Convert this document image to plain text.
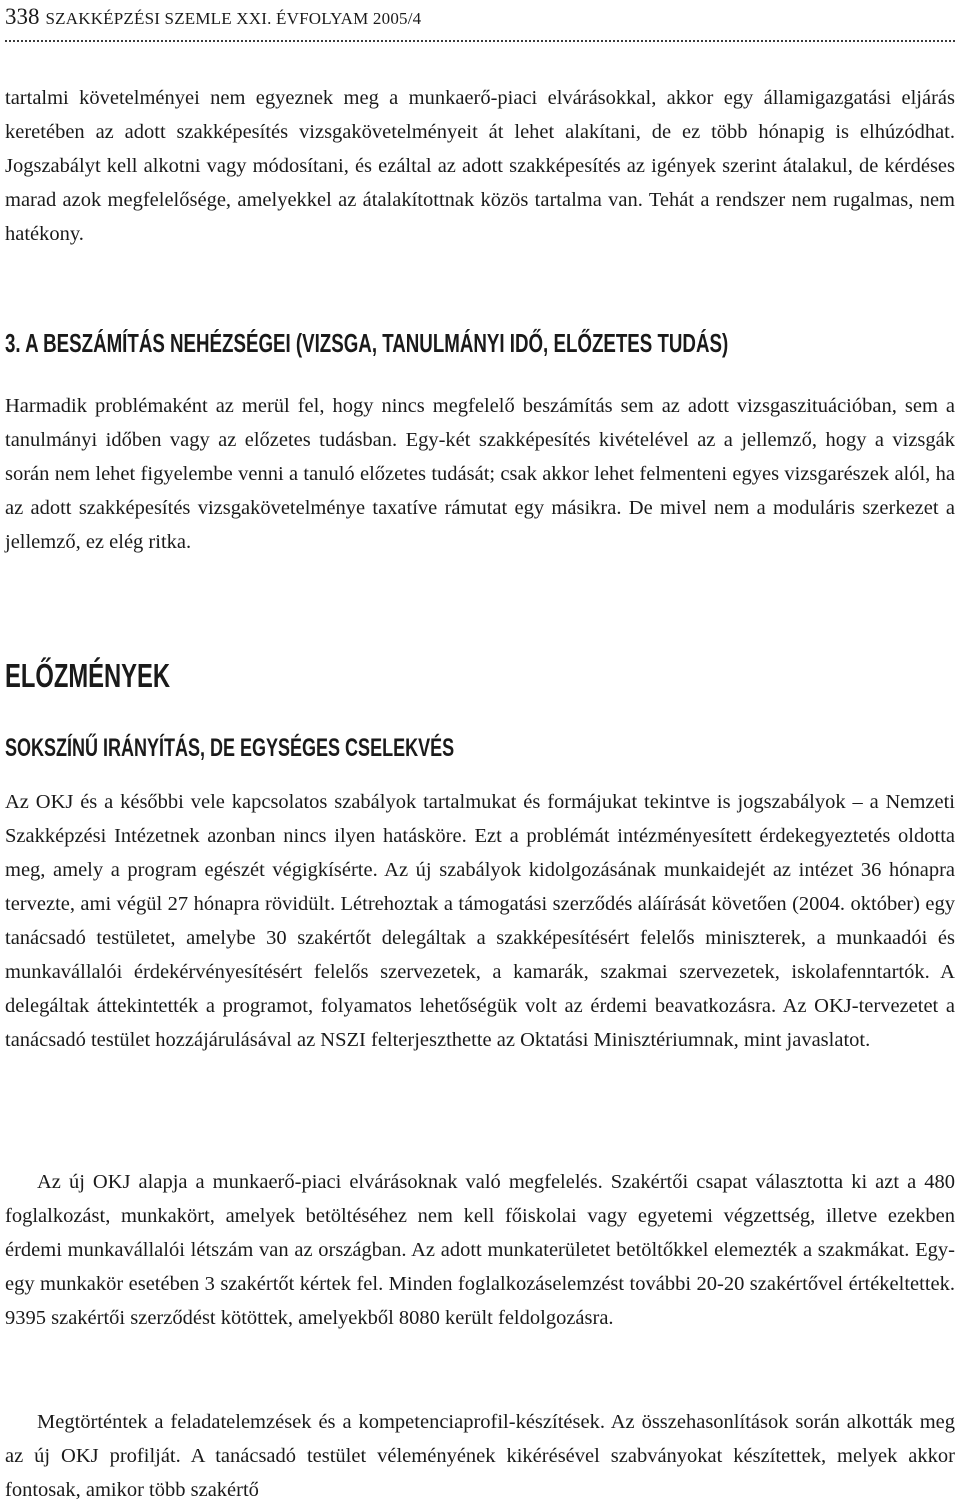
338 SZAKKÉPZÉSI SZEMLE XXI. ÉVFOLYAM 2005/4

tartalmi követelményei nem egyeznek meg a munkaerő-piaci elvárásokkal, akkor egy államigazgatási eljárás keretében az adott szakképesítés vizsgakövetelményeit át lehet alakítani, de ez több hónapig is elhúzódhat. Jogszabályt kell alkotni vagy módosítani, és ezáltal az adott szakképesítés az igények szerint átalakul, de kérdéses marad azok megfelelősége, amelyekkel az átalakítottnak közös tartalma van. Tehát a rendszer nem rugalmas, nem hatékony.

3. A BESZÁMÍTÁS NEHÉZSÉGEI (VIZSGA, TANULMÁNYI IDŐ, ELŐZETES TUDÁS)

Harmadik problémaként az merül fel, hogy nincs megfelelő beszámítás sem az adott vizsgaszituációban, sem a tanulmányi időben vagy az előzetes tudásban. Egy-két szakképesítés kivételével az a jellemző, hogy a vizsgák során nem lehet figyelembe venni a tanuló előzetes tudását; csak akkor lehet felmenteni egyes vizsgarészek alól, ha az adott szakképesítés vizsgakövetelménye taxatíve rámutat egy másikra. De mivel nem a moduláris szerkezet a jellemző, ez elég ritka.

ELŐZMÉNYEK
SOKSZÍNŰ IRÁNYÍTÁS, DE EGYSÉGES CSELEKVÉS

Az OKJ és a későbbi vele kapcsolatos szabályok tartalmukat és formájukat tekintve is jogszabályok – a Nemzeti Szakképzési Intézetnek azonban nincs ilyen hatásköre. Ezt a problémát intézményesített érdekegyeztetés oldotta meg, amely a program egészét végigkísérte. Az új szabályok kidolgozásának munkaidejét az intézet 36 hónapra tervezte, ami végül 27 hónapra rövidült. Létrehoztak a támogatási szerződés aláírását követően (2004. október) egy tanácsadó testületet, amelybe 30 szakértőt delegáltak a szakképesítésért felelős miniszterek, a munkaadói és munkavállalói érdekérvényesítésért felelős szervezetek, a kamarák, szakmai szervezetek, iskolafenntartók. A delegáltak áttekintették a programot, folyamatos lehetőségük volt az érdemi beavatkozásra. Az OKJ-tervezetet a tanácsadó testület hozzájárulásával az NSZI felterjeszthette az Oktatási Minisztériumnak, mint javaslatot.

Az új OKJ alapja a munkaerő-piaci elvárásoknak való megfelelés. Szakértői csapat választotta ki azt a 480 foglalkozást, munkakört, amelyek betöltéséhez nem kell főiskolai vagy egyetemi végzettség, illetve ezekben érdemi munkavállalói létszám van az országban. Az adott munkaterületet betöltőkkel elemezték a szakmákat. Egy-egy munkakör esetében 3 szakértőt kértek fel. Minden foglalkozáselemzést további 20-20 szakértővel értékeltettek. 9395 szakértői szerződést kötöttek, amelyekből 8080 került feldolgozásra.

Megtörténtek a feladatelemzések és a kompetenciaprofil-készítések. Az összehasonlítások során alkották meg az új OKJ profilját. A tanácsadó testület véleményének kikérésével szabványokat készítettek, melyek akkor fontosak, amikor több szakértő
